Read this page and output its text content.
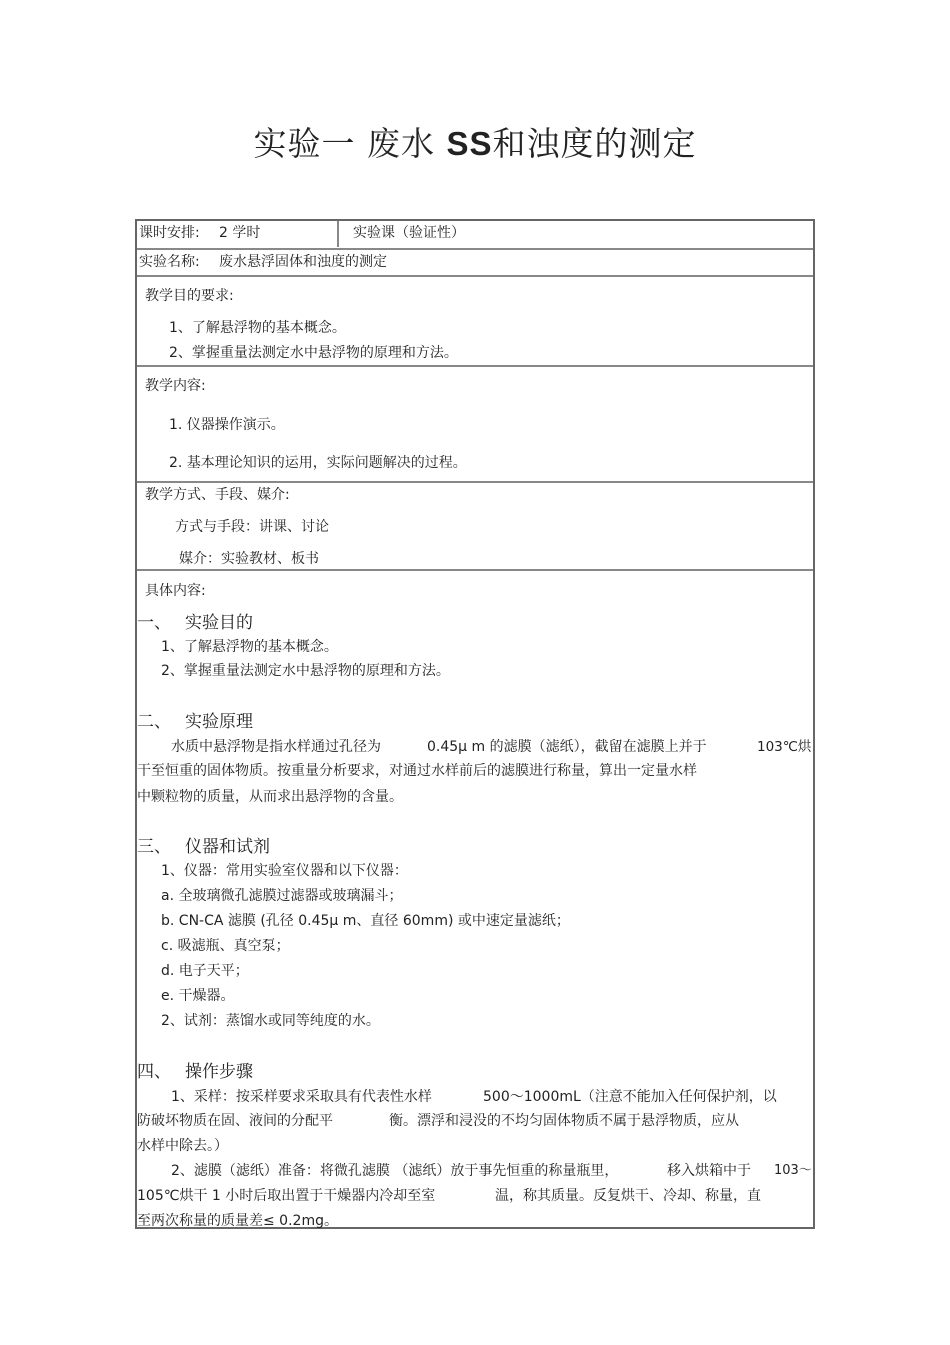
实验一 废水 SS和浊度的测定
课时安排: 2 学时	实验课（验证性）
实验名称: 废水悬浮固体和浊度的测定
教学目的要求:
1、了解悬浮物的基本概念。
2、掌握重量法测定水中悬浮物的原理和方法。
教学内容:
1. 仪器操作演示。
2. 基本理论知识的运用，实际问题解决的过程。
教学方式、手段、媒介:
方式与手段：讲课、讨论
媒介：实验教材、板书
具体内容:
一、 实验目的
1、了解悬浮物的基本概念。
2、掌握重量法测定水中悬浮物的原理和方法。
二、 实验原理
水质中悬浮物是指水样通过孔径为	0.45μ m 的滤膜（滤纸），截留在滤膜上并于	103℃烘
干至恒重的固体物质。按重量分析要求，对通过水样前后的滤膜进行称量，算出一定量水样
中颗粒物的质量，从而求出悬浮物的含量。
三、 仪器和试剂
1、仪器：常用实验室仪器和以下仪器：
a. 全玻璃微孔滤膜过滤器或玻璃漏斗；
b. CN-CA 滤膜 (孔径 0.45μ m、直径 60mm) 或中速定量滤纸；
c. 吸滤瓶、真空泵；
d. 电子天平；
e. 干燥器。
2、试剂：蒸馏水或同等纯度的水。
四、 操作步骤
1、采样：按采样要求采取具有代表性水样	500～1000mL（注意不能加入任何保护剂，以
防破坏物质在固、液间的分配平	衡。漂浮和浸没的不均匀固体物质不属于悬浮物质，应从
水样中除去。）
2、滤膜（滤纸）准备：将微孔滤膜 （滤纸）放于事先恒重的称量瓶里，	移入烘箱中于 103～
105℃烘干 1 小时后取出置于干燥器内冷却至室	温，称其质量。反复烘干、冷却、称量，直
至两次称量的质量差≤ 0.2mg。
